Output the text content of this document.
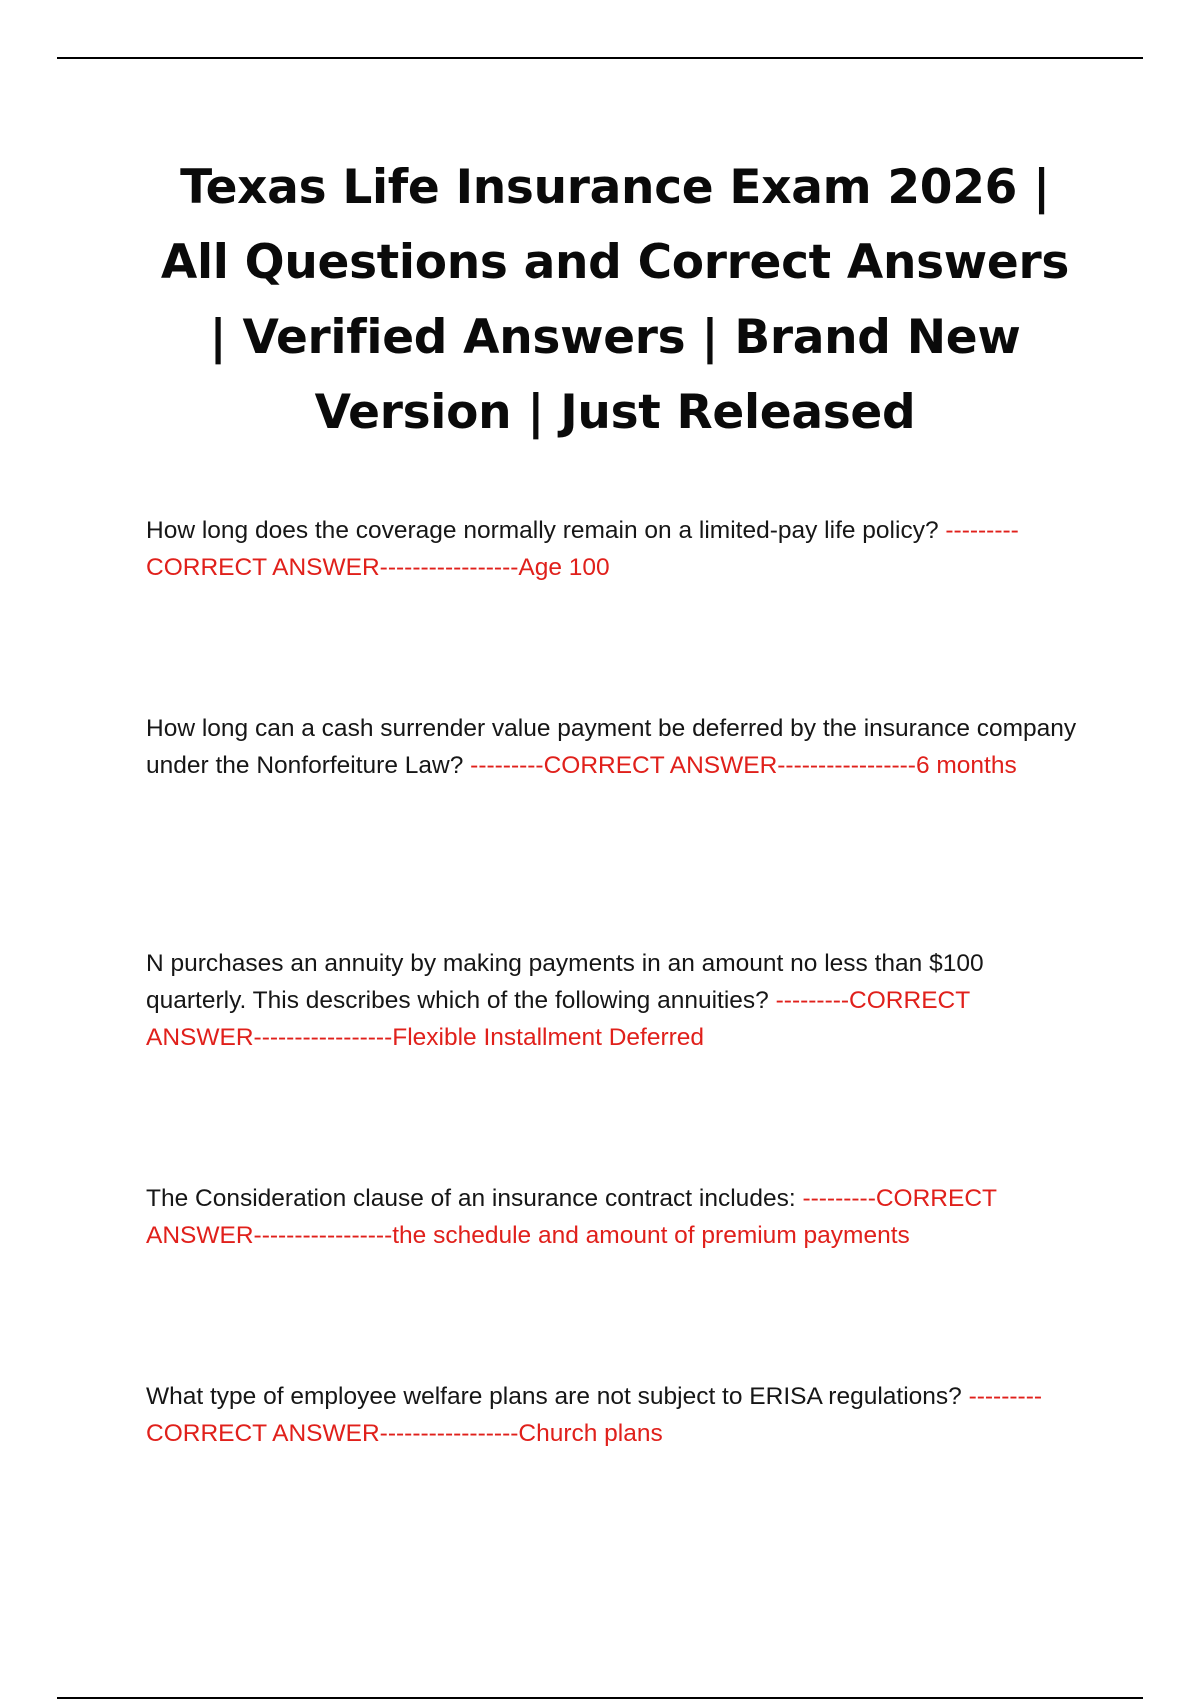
Texas Life Insurance Exam 2026 | All Questions and Correct Answers | Verified Answers | Brand New Version | Just Released

How long does the coverage normally remain on a limited-pay life policy? ---------CORRECT ANSWER-----------------Age 100

How long can a cash surrender value payment be deferred by the insurance company under the Nonforfeiture Law? ---------CORRECT ANSWER-----------------6 months

N purchases an annuity by making payments in an amount no less than $100 quarterly. This describes which of the following annuities? ---------CORRECT ANSWER-----------------Flexible Installment Deferred

The Consideration clause of an insurance contract includes: ---------CORRECT ANSWER-----------------the schedule and amount of premium payments

What type of employee welfare plans are not subject to ERISA regulations? ---------CORRECT ANSWER-----------------Church plans
